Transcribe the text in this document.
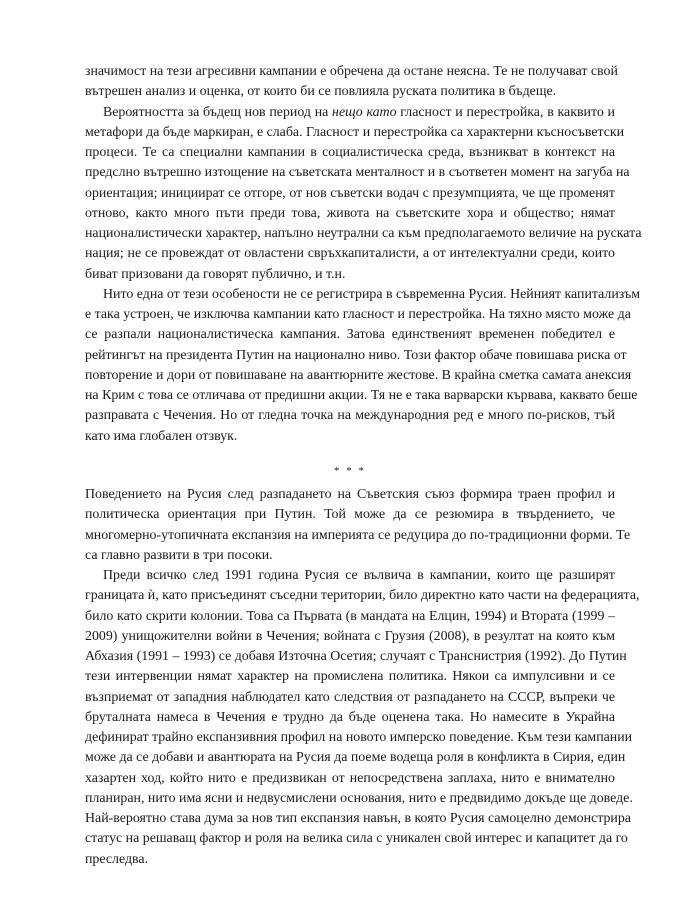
значимост на тези агресивни кампании е обречена да остане неясна. Те не получават свой
вътрешен анализ и оценка, от които би се повлияла руската политика в бъдеще.
Вероятността за бъдещ нов период на нещо като гласност и перестройка, в каквито и
метафори да бъде маркиран, е слаба. Гласност и перестройка са характерни късносъветски
процеси. Те са специални кампании в социалистическа среда, възникват в контекст на
предслно вътрешно изтощение на съветската менталност и в съответен момент на загуба на
ориентация; инициират се отгоре, от нов съветски водач с презумпцията, че ще променят
отново, както много пъти преди това, живота на съветските хора и общество; нямат
националистически характер, напълно неутрални са към предполагаемото величие на руската
нация; не се провеждат от овластени свръхкапиталисти, а от интелектуални среди, които
биват призовани да говорят публично, и т.н.
Нито една от тези особености не се регистрира в съвременна Русия. Нейният капитализъм
е така устроен, че изключва кампании като гласност и перестройка. На тяхно място може да
се разпали националистическа кампания. Затова единственият временен победител е
рейтингът на президента Путин на национално ниво. Този фактор обаче повишава риска от
повторение и дори от повишаване на авантюрните жестове. В крайна сметка самата анексия
на Крим с това се отличава от предишни акции. Тя не е така варварски кървава, каквато беше
разправата с Чечения. Но от гледна точка на международния ред е много по-рисков, тъй
като има глобален отзвук.
* * *
Поведението на Русия след разпадането на Съветския съюз формира траен профил и
политическа ориентация при Путин. Той може да се резюмира в твърдението, че
многомерно-утопичната експанзия на империята се редуцира до по-традиционни форми. Те
са главно развити в три посоки.
Преди всичко след 1991 година Русия се вълвича в кампании, които ще разширят
границата ѝ, като присъединят съседни територии, било директно като части на федерацията,
било като скрити колонии. Това са Първата (в мандата на Елцин, 1994) и Втората (1999 –
2009) унищожителни войни в Чечения; войната с Грузия (2008), в резултат на която към
Абхазия (1991 – 1993) се добавя Източна Осетия; случаят с Транснистрия (1992). До Путин
тези интервенции нямат характер на промислена политика. Някои са импулсивни и се
възприемат от западния наблюдател като следствия от разпадането на СССР, въпреки че
бруталната намеса в Чечения е трудно да бъде оценена така. Но намесите в Украйна
дефинират трайно експанзивния профил на новото имперско поведение. Към тези кампании
може да се добави и авантюрата на Русия да поеме водеща роля в конфликта в Сирия, един
хазартен ход, който нито е предизвикан от непосредствена заплаха, нито е внимателно
планиран, нито има ясни и недвусмислени основания, нито е предвидимо докъде ще доведе.
Най-вероятно става дума за нов тип експанзия навън, в която Русия самоцелно демонстрира
статус на решаващ фактор и роля на велика сила с уникален свой интерес и капацитет да го
преследва.
